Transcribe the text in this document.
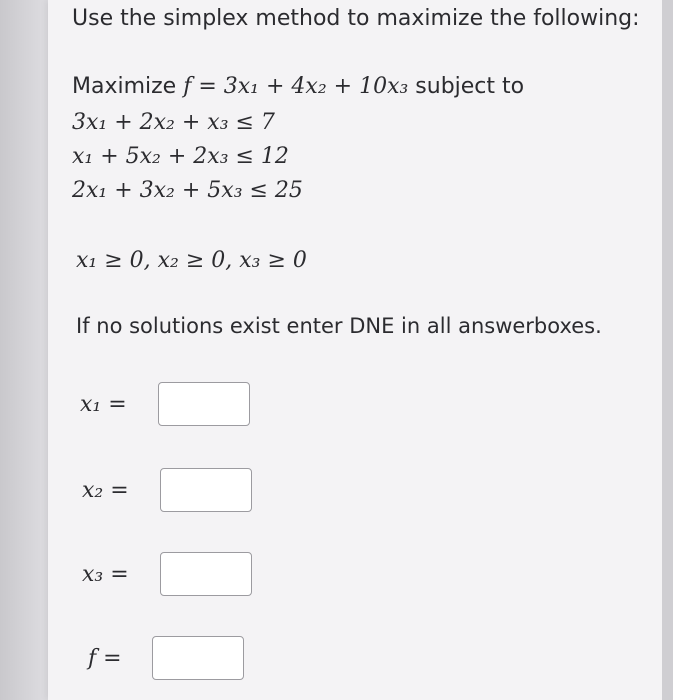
Use the simplex method to maximize the following:
Maximize f = 3x₁ + 4x₂ + 10x₃ subject to
3x₁ + 2x₂ + x₃ ≤ 7
x₁ + 5x₂ + 2x₃ ≤ 12
2x₁ + 3x₂ + 5x₃ ≤ 25
x₁ ≥ 0, x₂ ≥ 0, x₃ ≥ 0
If no solutions exist enter DNE in all answerboxes.
x₁ =
x₂ =
x₃ =
f =
